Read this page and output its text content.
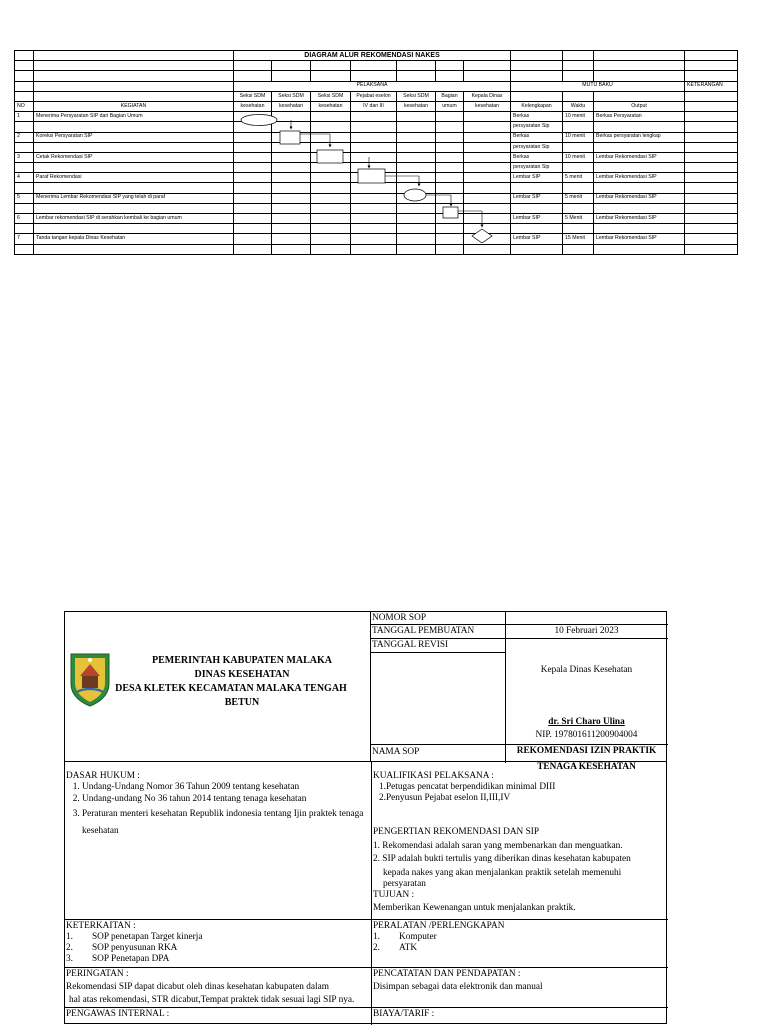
		DIAGRAM ALUR REKOMENDASI NAKES										

		PELAKSANA							MUTU BAKU			KETERANGAN
		Seksi SDM	Seksi SDM	Seksi SDM	Pejabat eselon	Seksi SDM	Bagian	Kepala Dinas				
NO	KEGIATAN	kesehatan	kesehatan	kesehatan	IV dan III	kesehatan	umum	kesehatan	Kelengkapan	Waktu	Output	
1	Menerima Persyaratan SIP dari Bagian Umum								Berkas	10 menit	Berkas Persyaratan	
									persyaratan Sip			
2	Koreksi Persyaratan SIP								Berkas	10 menit	Berkas persyaratan lengkap	
									persyaratan Sip			
3	Cetak Rekomendasi SIP								Berkas	10 menit	Lembar Rekomendasi SIP	
									persyaratan Sip			
4	Paraf Rekomendasi								Lembar SIP	5 menit	Lembar Rekomendasi SIP	

5	Menerima Lembar Rekomendasi SIP yang telah di paraf								Lembar SIP	5 menit	Lembar Rekomendasi SIP	

6	Lembar rekomendasi SIP di serahkan kembali ke bagian umum								Lembar SIP	5 Menit	Lembar Rekomendasi SIP	

7	Tanda tangan kepala Dinas Kesehatan								Lembar SIP	15 Menit	Lembar Rekomendasi SIP	

PEMERINTAH KABUPATEN MALAKA
DINAS KESEHATAN
DESA KLETEK KECAMATAN MALAKA TENGAH
BETUN
NOMOR SOP
TANGGAL PEMBUATAN	10 Februari 2023
TANGGAL REVISI
Kepala Dinas Kesehatan
dr. Sri Charo Ulina
NIP. 197801611200904004
NAMA SOP	REKOMENDASI IZIN PRAKTIK
TENAGA KESEHATAN
DASAR HUKUM :
1. Undang-Undang Nomor 36 Tahun 2009 tentang kesehatan
2. Undang-undang No 36 tahun 2014 tentang tenaga kesehatan
3. Peraturan menteri kesehatan Republik indonesia tentang Ijin praktek tenaga kesehatan
KUALIFIKASI PELAKSANA :
1.Petugas pencatat berpendidikan minimal DIII
2.Penyusun Pejabat eselon II,III,IV
PENGERTIAN REKOMENDASI DAN SIP
1. Rekomendasi adalah saran yang membenarkan dan menguatkan.
2. SIP adalah bukti tertulis yang diberikan dinas kesehatan kabupaten
kepada nakes yang akan menjalankan praktik setelah memenuhi
persyaratan
TUJUAN :
Memberikan Kewenangan untuk menjalankan praktik.
KETERKAITAN :
1. SOP penetapan Target kinerja
2. SOP penyusunan RKA
3. SOP Penetapan DPA
PERALATAN /PERLENGKAPAN
1. Komputer
2. ATK
PERINGATAN :
Rekomendasi SIP dapat dicabut oleh dinas kesehatan kabupaten dalam
hal atas rekomendasi, STR dicabut,Tempat praktek tidak sesuai lagi SIP nya.
PENCATATAN DAN PENDAPATAN :
Disimpan sebagai data elektronik dan manual
PENGAWAS INTERNAL :	BIAYA/TARIF :
